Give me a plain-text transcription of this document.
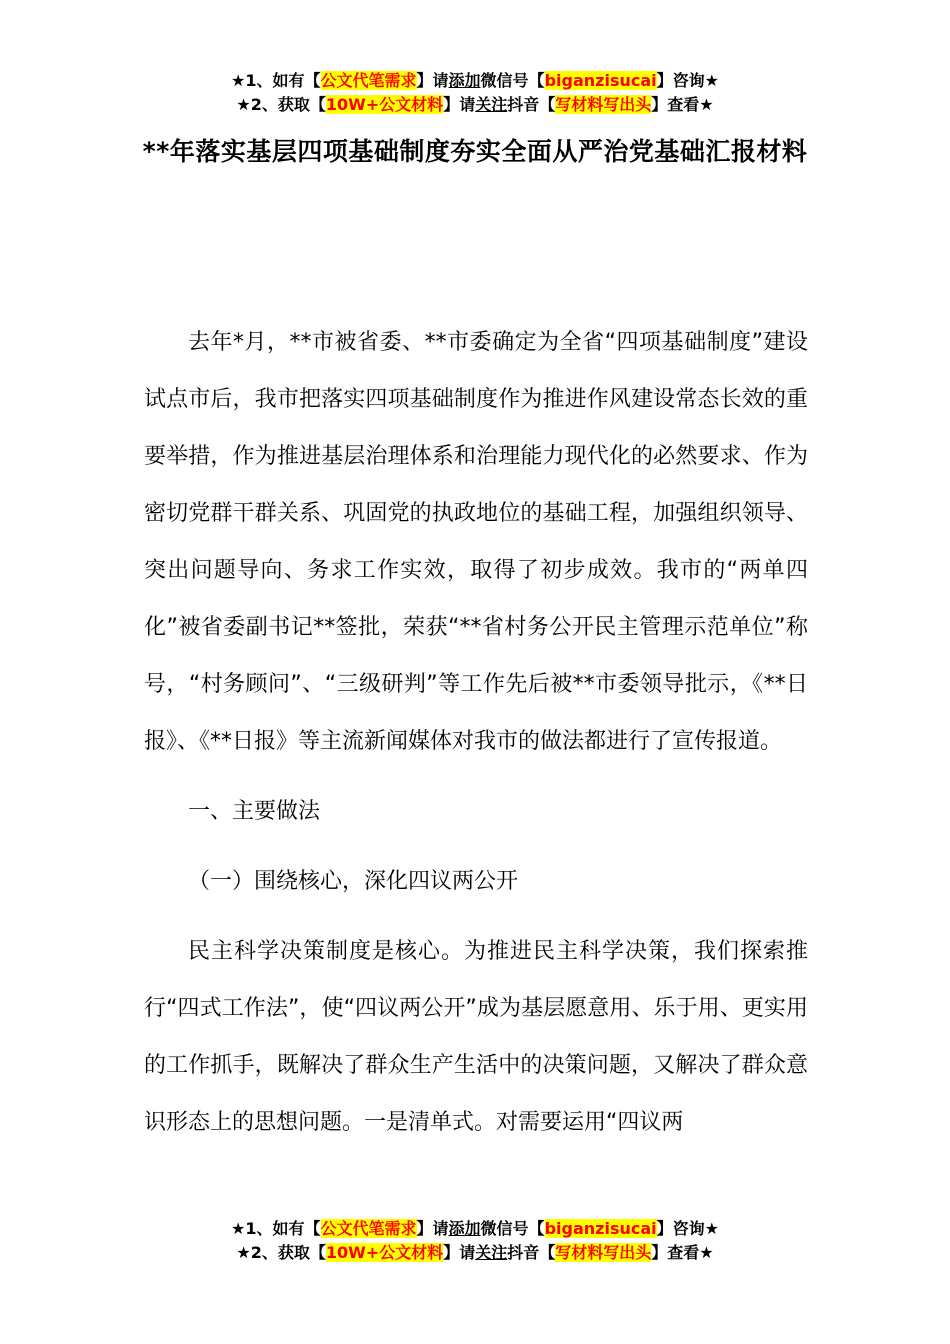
★1、如有【公文代笔需求】请添加微信号【biganzisucai】咨询★
★2、获取【10W+公文材料】请关注抖音【写材料写出头】查看★
**年落实基层四项基础制度夯实全面从严治党基础汇报材料

去年*月，**市被省委、**市委确定为全省“四项基础制度”建设试点市后，我市把落实四项基础制度作为推进作风建设常态长效的重要举措，作为推进基层治理体系和治理能力现代化的必然要求、作为密切党群干群关系、巩固党的执政地位的基础工程，加强组织领导、突出问题导向、务求工作实效，取得了初步成效。我市的“两单四化”被省委副书记**签批，荣获“**省村务公开民主管理示范单位”称号，“村务顾问”、“三级研判”等工作先后被**市委领导批示，《**日报》、《**日报》等主流新闻媒体对我市的做法都进行了宣传报道。

一、主要做法

（一）围绕核心，深化四议两公开

民主科学决策制度是核心。为推进民主科学决策，我们探索推行“四式工作法”，使“四议两公开”成为基层愿意用、乐于用、更实用的工作抓手，既解决了群众生产生活中的决策问题，又解决了群众意识形态上的思想问题。一是清单式。对需要运用“四议两

★1、如有【公文代笔需求】请添加微信号【biganzisucai】咨询★
★2、获取【10W+公文材料】请关注抖音【写材料写出头】查看★
